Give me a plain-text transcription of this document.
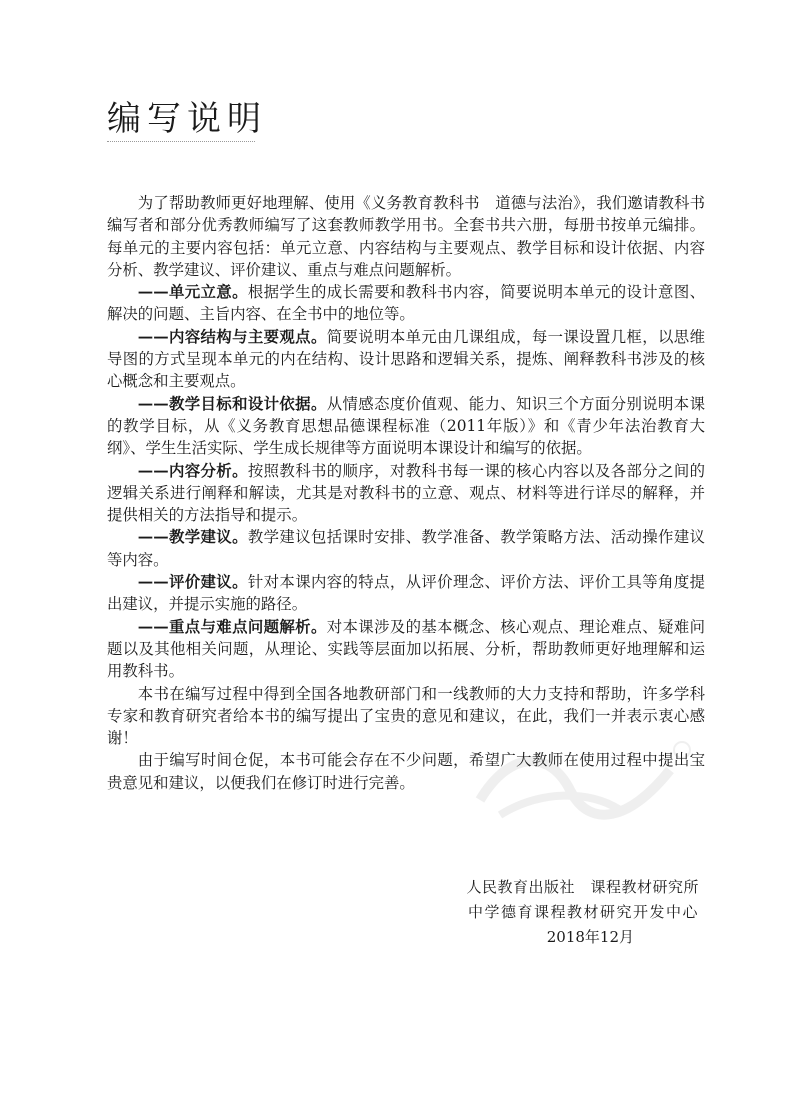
编写说明

为了帮助教师更好地理解、使用《义务教育教科书　道德与法治》，我们邀请教科书编写者和部分优秀教师编写了这套教师教学用书。全套书共六册，每册书按单元编排。每单元的主要内容包括：单元立意、内容结构与主要观点、教学目标和设计依据、内容分析、教学建议、评价建议、重点与难点问题解析。

——单元立意。根据学生的成长需要和教科书内容，简要说明本单元的设计意图、解决的问题、主旨内容、在全书中的地位等。

——内容结构与主要观点。简要说明本单元由几课组成，每一课设置几框，以思维导图的方式呈现本单元的内在结构、设计思路和逻辑关系，提炼、阐释教科书涉及的核心概念和主要观点。

——教学目标和设计依据。从情感态度价值观、能力、知识三个方面分别说明本课的教学目标，从《义务教育思想品德课程标准（2011年版）》和《青少年法治教育大纲》、学生生活实际、学生成长规律等方面说明本课设计和编写的依据。

——内容分析。按照教科书的顺序，对教科书每一课的核心内容以及各部分之间的逻辑关系进行阐释和解读，尤其是对教科书的立意、观点、材料等进行详尽的解释，并提供相关的方法指导和提示。

——教学建议。教学建议包括课时安排、教学准备、教学策略方法、活动操作建议等内容。

——评价建议。针对本课内容的特点，从评价理念、评价方法、评价工具等角度提出建议，并提示实施的路径。

——重点与难点问题解析。对本课涉及的基本概念、核心观点、理论难点、疑难问题以及其他相关问题，从理论、实践等层面加以拓展、分析，帮助教师更好地理解和运用教科书。

本书在编写过程中得到全国各地教研部门和一线教师的大力支持和帮助，许多学科专家和教育研究者给本书的编写提出了宝贵的意见和建议，在此，我们一并表示衷心感谢！

由于编写时间仓促，本书可能会存在不少问题，希望广大教师在使用过程中提出宝贵意见和建议，以便我们在修订时进行完善。

人民教育出版社　课程教材研究所
中学德育课程教材研究开发中心
2018年12月
